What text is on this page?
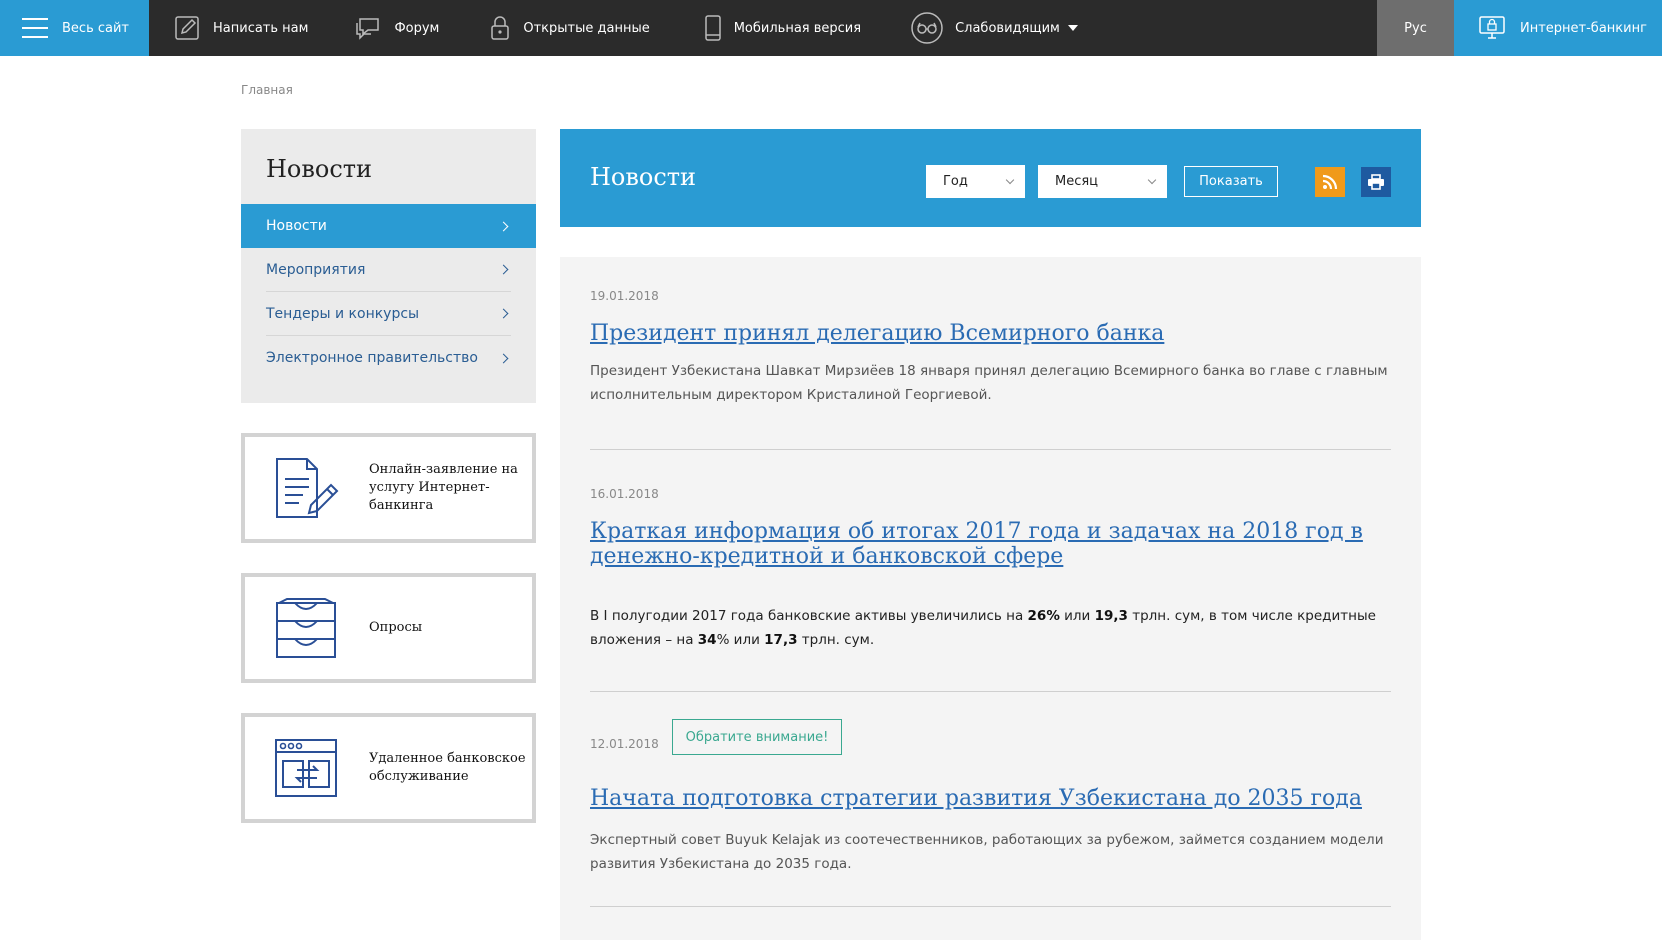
Весь сайт	Написать нам	Форум	Открытые данные	Мобильная версия	Слабовидящим	Рус	Интернет-банкинг
Главная
Новости
Новости
Мероприятия
Тендеры и конкурсы
Электронное правительство
Онлайн-заявление на услугу Интернет-банкинга
Опросы
Удаленное банковское обслуживание
Новости	Год	Месяц	Показать
19.01.2018
Президент принял делегацию Всемирного банка
Президент Узбекистана Шавкат Мирзиёев 18 января принял делегацию Всемирного банка во главе с главным исполнительным директором Кристалиной Георгиевой.
16.01.2018
Краткая информация об итогах 2017 года и задачах на 2018 год в денежно-кредитной и банковской сфере
В I полугодии 2017 года банковские активы увеличились на 26% или 19,3 трлн. сум, в том числе кредитные вложения – на 34% или 17,3 трлн. сум.
12.01.2018	Обратите внимание!
Начата подготовка стратегии развития Узбекистана до 2035 года
Экспертный совет Buyuk Kelajak из соотечественников, работающих за рубежом, займется созданием модели развития Узбекистана до 2035 года.
